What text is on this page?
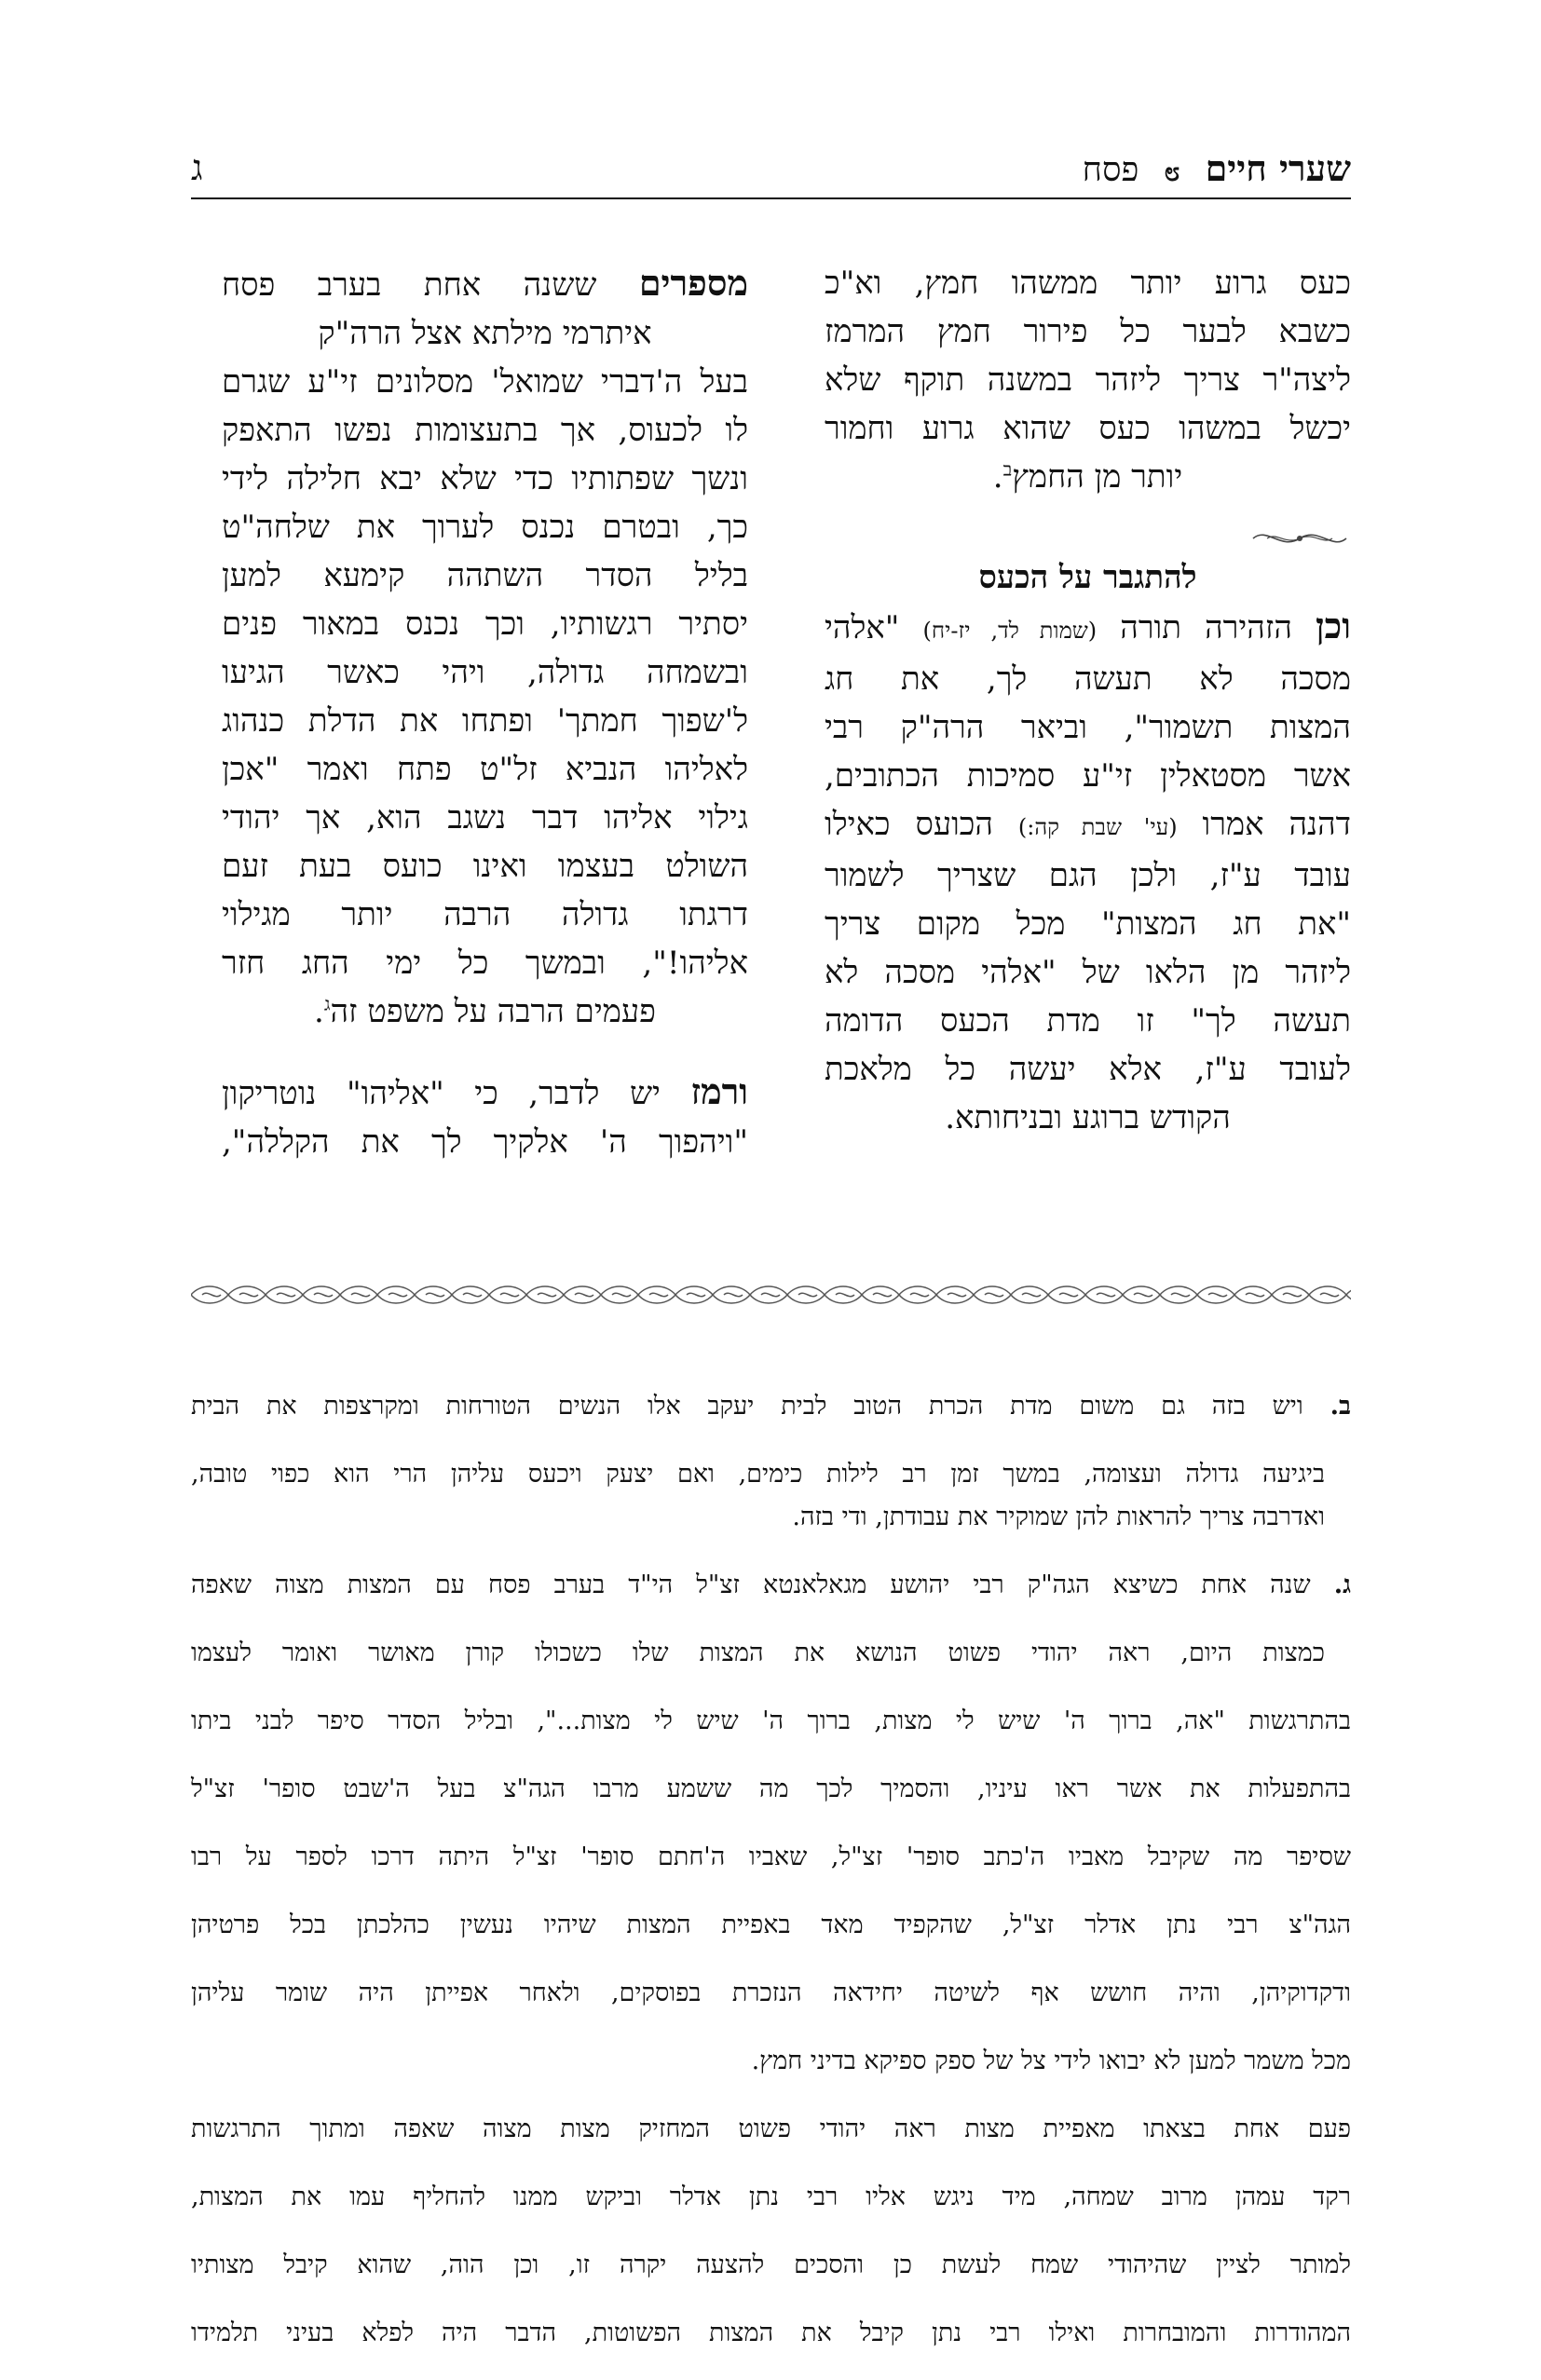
שערי חיים ೮ פסח
ג

כעס גרוע יותר ממשהו חמץ, וא"כ

כשבא לבער כל פירור חמץ המרמז

ליצה"ר צריך ליזהר במשנה תוקף שלא

יכשל במשהו כעס שהוא גרוע וחמור

יותר מן החמץ$^ב$.

להתגבר על הכעס

וכן הזהירה תורה (שמות לד, יז-יח) "אלהי

מסכה לא תעשה לך, את חג

המצות תשמור", וביאר הרה"ק רבי

אשר מסטאלין זי"ע סמיכות הכתובים,

דהנה אמרו (עי' שבת קה:) הכועס כאילו

עובד ע"ז, ולכן הגם שצריך לשמור

"את חג המצות" מכל מקום צריך

ליזהר מן הלאו של "אלהי מסכה לא

תעשה לך" זו מדת הכעס הדומה

לעובד ע"ז, אלא יעשה כל מלאכת

הקודש ברוגע ובניחותא.

מספרים ששנה אחת בערב פסח

איתרמי מילתא אצל הרה"ק

בעל ה'דברי שמואל' מסלונים זי"ע שגרם

לו לכעוס, אך בתעצומות נפשו התאפק

ונשך שפתותיו כדי שלא יבא חלילה לידי

כך, ובטרם נכנס לערוך את שלחה"ט

בליל הסדר השתהה קימעא למען

יסתיר רגשותיו, וכך נכנס במאור פנים

ובשמחה גדולה, ויהי כאשר הגיעו

ל'שפוך חמתך' ופתחו את הדלת כנהוג

לאליהו הנביא זל"ט פתח ואמר "אכן

גילוי אליהו דבר נשגב הוא, אך יהודי

השולט בעצמו ואינו כועס בעת זעם

דרגתו גדולה הרבה יותר מגילוי

אליהו!", ובמשך כל ימי החג חזר

פעמים הרבה על משפט זה$^ג$.

ורמז יש לדבר, כי "אליהו" נוטריקון

"ויהפוך ה' אלקיך לך את הקללה",

ב. ויש בזה גם משום מדת הכרת הטוב לבית יעקב אלו הנשים הטורחות ומקרצפות את הבית

ביגיעה גדולה ועצומה, במשך זמן רב לילות כימים, ואם יצעק ויכעס עליהן הרי הוא כפוי טובה,

ואדרבה צריך להראות להן שמוקיר את עבודתן, ודי בזה.

ג. שנה אחת כשיצא הגה"ק רבי יהושע מגאלאנטא זצ"ל הי"ד בערב פסח עם המצות מצוה שאפה

כמצות היום, ראה יהודי פשוט הנושא את המצות שלו כשכולו קורן מאושר ואומר לעצמו

בהתרגשות "אה, ברוך ה' שיש לי מצות, ברוך ה' שיש לי מצות...", ובליל הסדר סיפר לבני ביתו

בהתפעלות את אשר ראו עיניו, והסמיך לכך מה ששמע מרבו הגה"צ בעל ה'שבט סופר' זצ"ל

שסיפר מה שקיבל מאביו ה'כתב סופר' זצ"ל, שאביו ה'חתם סופר' זצ"ל היתה דרכו לספר על רבו

הגה"צ רבי נתן אדלר זצ"ל, שהקפיד מאד באפיית המצות שיהיו נעשין כהלכתן בכל פרטיהן

ודקדוקיהן, והיה חושש אף לשיטה יחידאה הנזכרת בפוסקים, ולאחר אפייתן היה שומר עליהן

מכל משמר למען לא יבואו לידי צל של ספק ספיקא בדיני חמץ.

פעם אחת בצאתו מאפיית מצות ראה יהודי פשוט המחזיק מצות מצוה שאפה ומתוך התרגשות

רקד עמהן מרוב שמחה, מיד ניגש אליו רבי נתן אדלר וביקש ממנו להחליף עמו את המצות,

למותר לציין שהיהודי שמח לעשת כן והסכים להצעה יקרה זו, וכן הוה, שהוא קיבל מצותיו

המהודרות והמובחרות ואילו רבי נתן קיבל את המצות הפשוטות, הדבר היה לפלא בעיני תלמידו
